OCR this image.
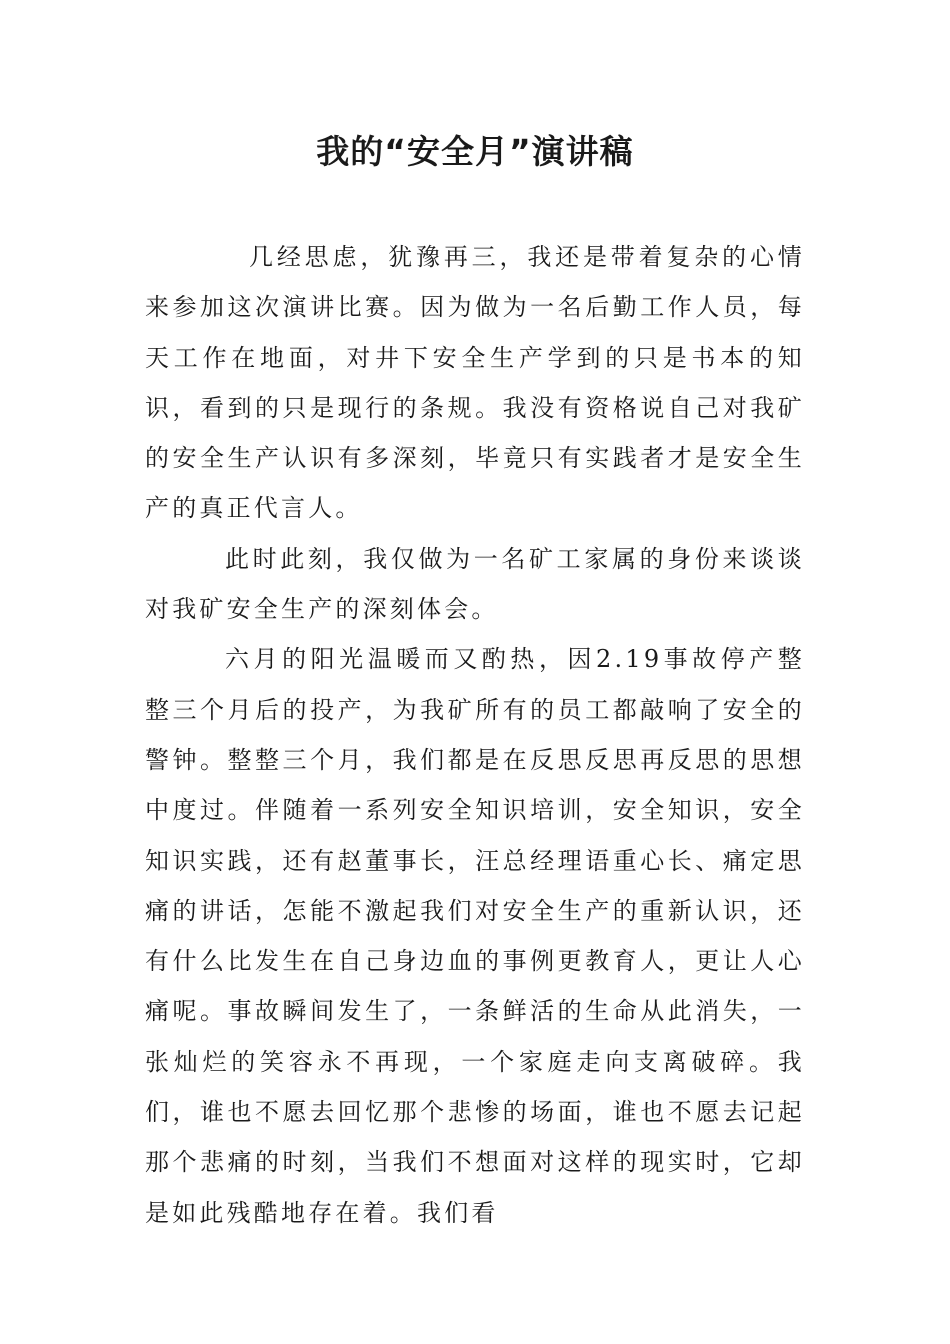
我的“安全月”演讲稿

几经思虑，犹豫再三，我还是带着复杂的心情来参加这次演讲比赛。因为做为一名后勤工作人员，每天工作在地面，对井下安全生产学到的只是书本的知识，看到的只是现行的条规。我没有资格说自己对我矿的安全生产认识有多深刻，毕竟只有实践者才是安全生产的真正代言人。

此时此刻，我仅做为一名矿工家属的身份来谈谈对我矿安全生产的深刻体会。

六月的阳光温暖而又酌热，因2.19事故停产整整三个月后的投产，为我矿所有的员工都敲响了安全的警钟。整整三个月，我们都是在反思反思再反思的思想中度过。伴随着一系列安全知识培训，安全知识，安全知识实践，还有赵董事长，汪总经理语重心长、痛定思痛的讲话，怎能不激起我们对安全生产的重新认识，还有什么比发生在自己身边血的事例更教育人，更让人心痛呢。事故瞬间发生了，一条鲜活的生命从此消失，一张灿烂的笑容永不再现，一个家庭走向支离破碎。我们，谁也不愿去回忆那个悲惨的场面，谁也不愿去记起那个悲痛的时刻，当我们不想面对这样的现实时，它却是如此残酷地存在着。我们看
